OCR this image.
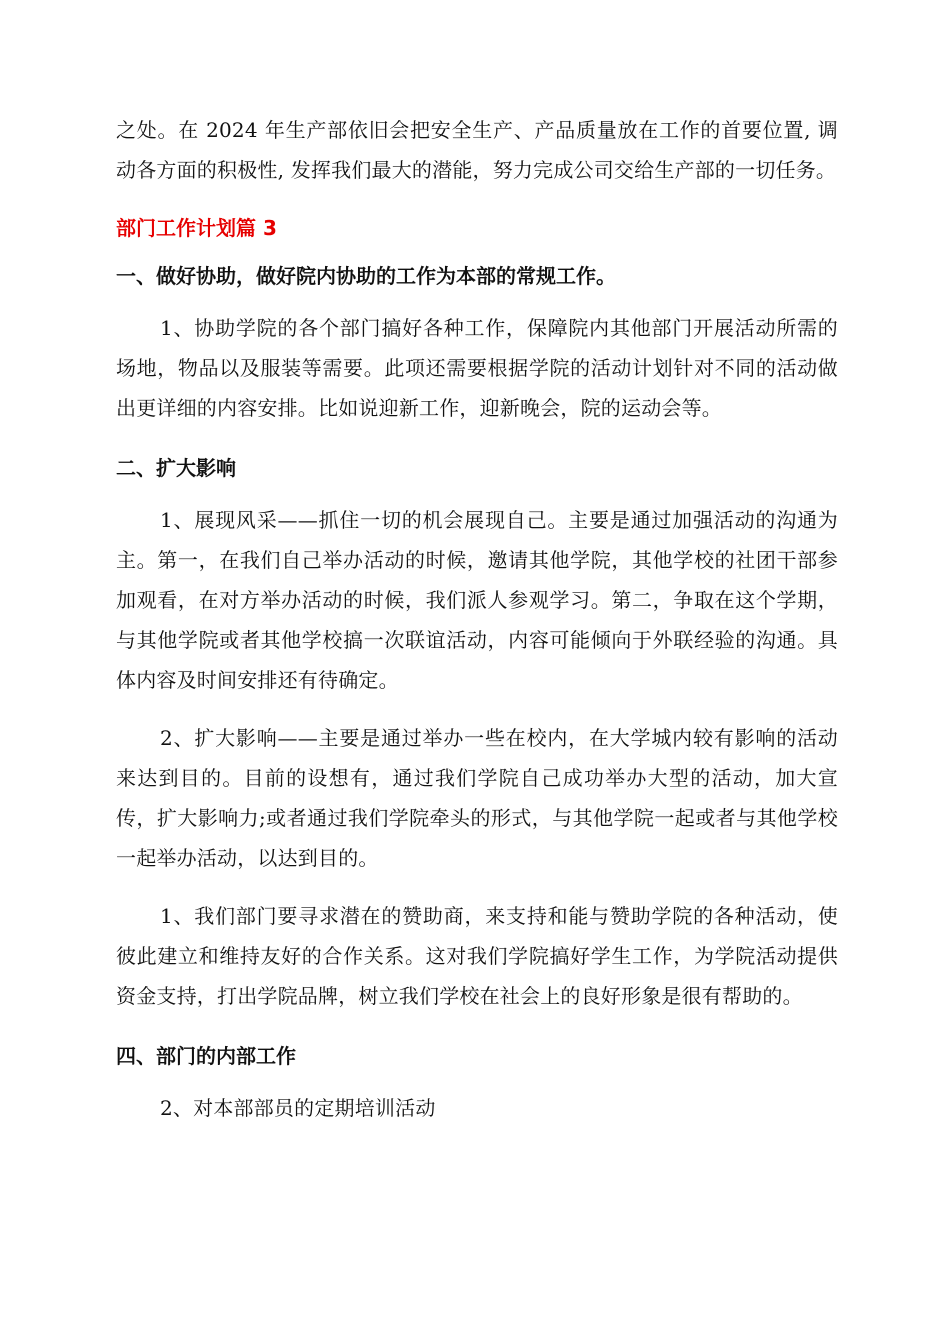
之处。在 2024 年生产部依旧会把安全生产、产品质量放在工作的首要位置, 调动各方面的积极性, 发挥我们最大的潜能，努力完成公司交给生产部的一切任务。

部门工作计划篇 3

一、做好协助，做好院内协助的工作为本部的常规工作。

1、协助学院的各个部门搞好各种工作，保障院内其他部门开展活动所需的场地，物品以及服装等需要。此项还需要根据学院的活动计划针对不同的活动做出更详细的内容安排。比如说迎新工作，迎新晚会，院的运动会等。

二、扩大影响

1、展现风采——抓住一切的机会展现自己。主要是通过加强活动的沟通为主。第一，在我们自己举办活动的时候，邀请其他学院，其他学校的社团干部参加观看，在对方举办活动的时候，我们派人参观学习。第二，争取在这个学期，与其他学院或者其他学校搞一次联谊活动，内容可能倾向于外联经验的沟通。具体内容及时间安排还有待确定。

2、扩大影响——主要是通过举办一些在校内，在大学城内较有影响的活动来达到目的。目前的设想有，通过我们学院自己成功举办大型的活动，加大宣传，扩大影响力;或者通过我们学院牵头的形式，与其他学院一起或者与其他学校一起举办活动，以达到目的。

1、我们部门要寻求潜在的赞助商，来支持和能与赞助学院的各种活动，使彼此建立和维持友好的合作关系。这对我们学院搞好学生工作，为学院活动提供资金支持，打出学院品牌，树立我们学校在社会上的良好形象是很有帮助的。

四、部门的内部工作

2、对本部部员的定期培训活动
